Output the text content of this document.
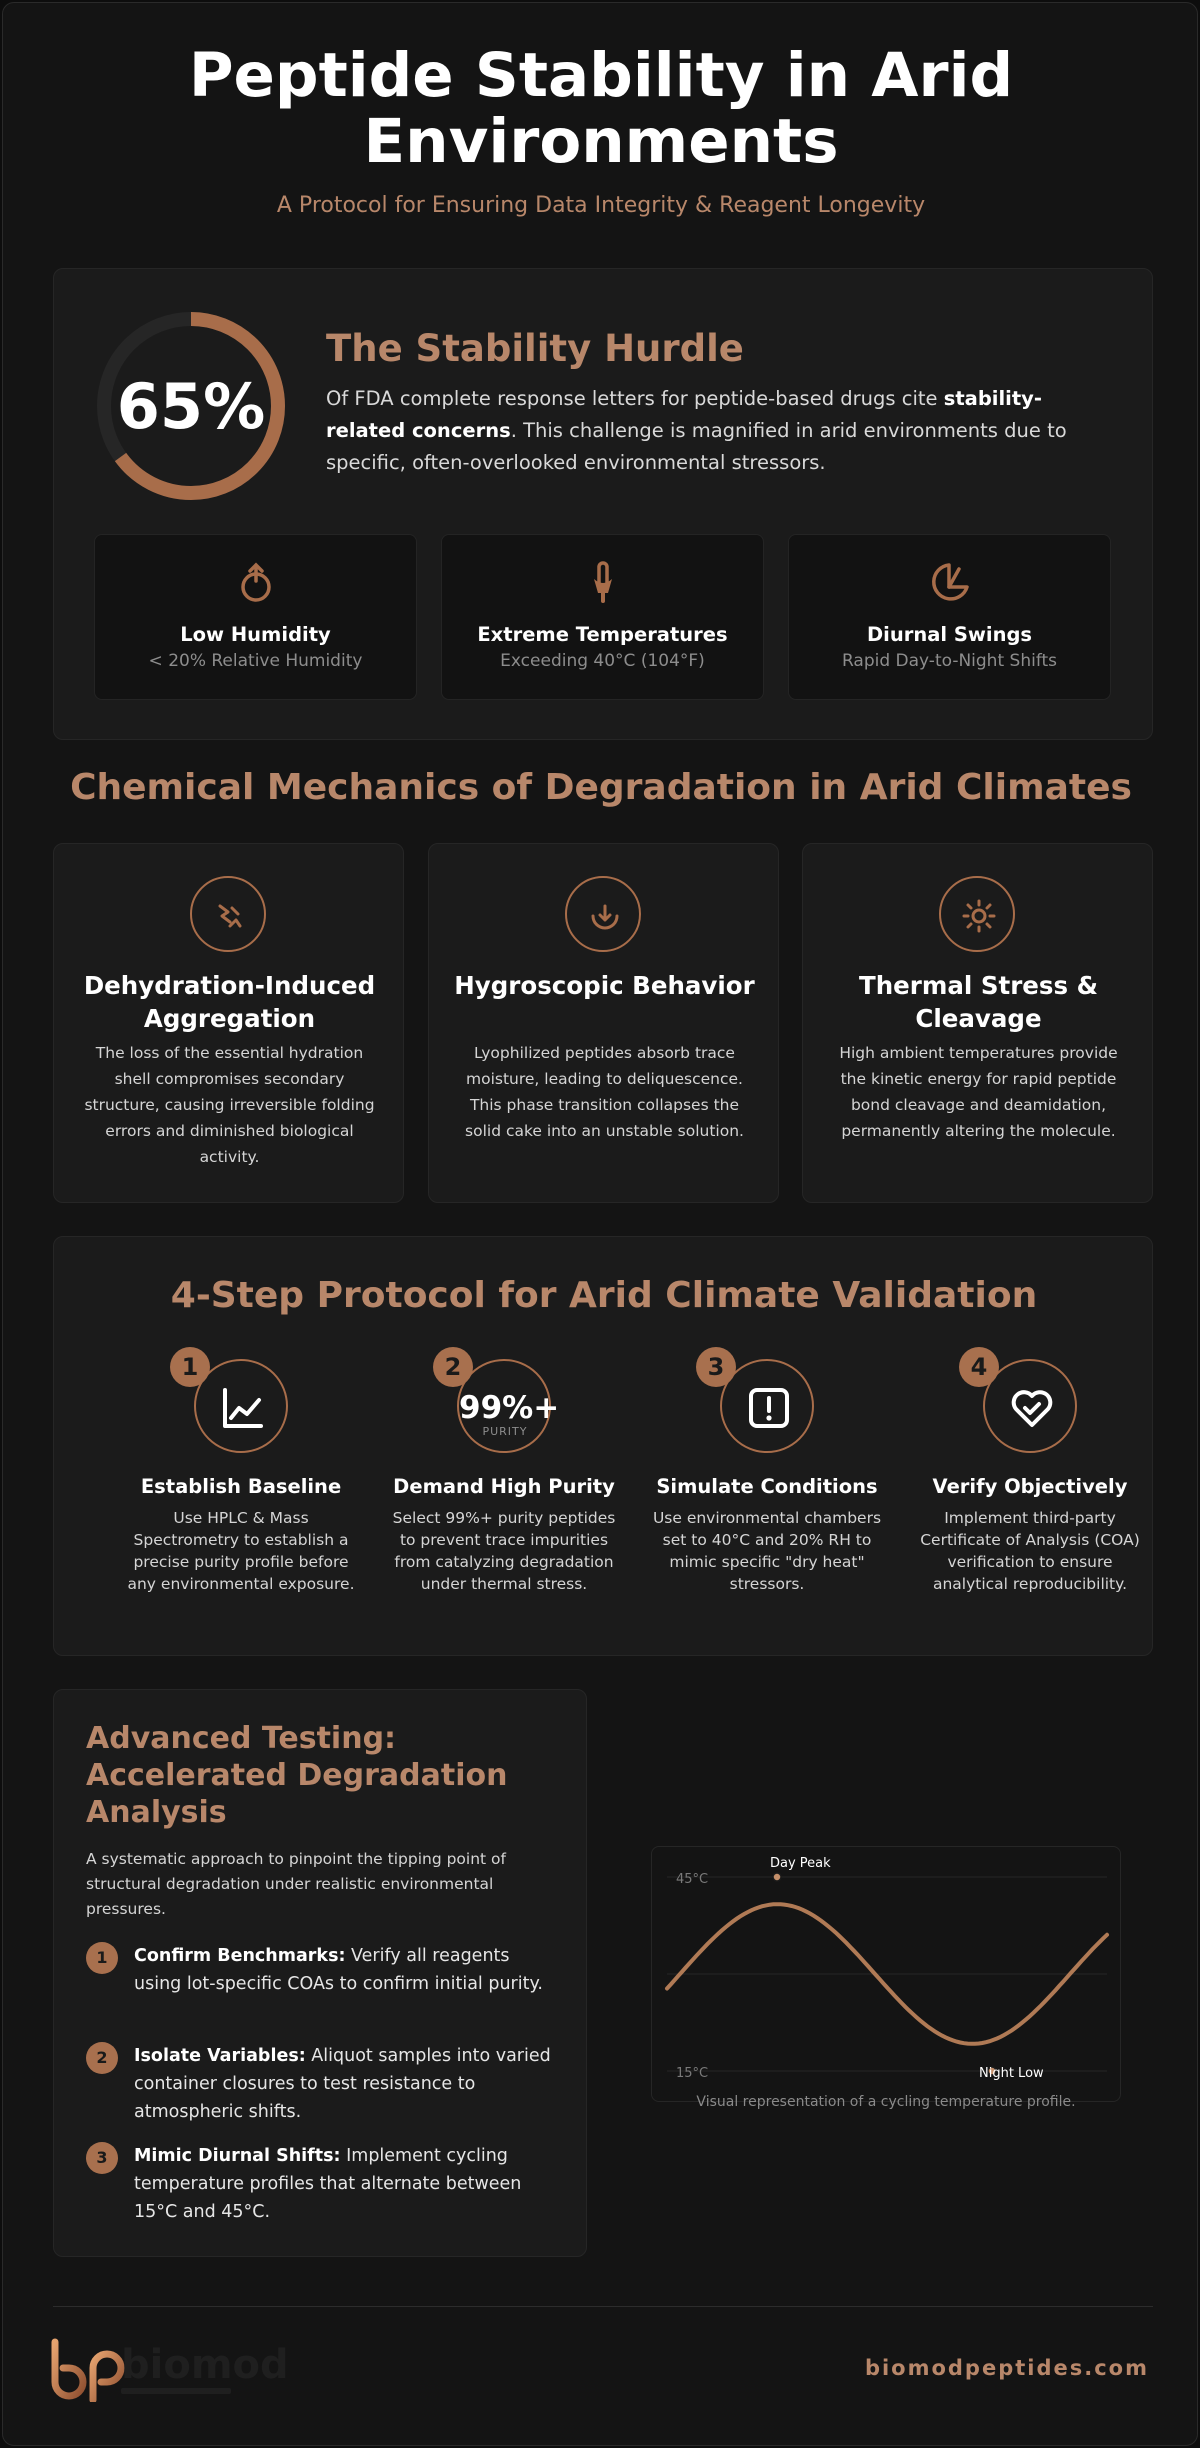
Peptide Stability in Arid Environments
A Protocol for Ensuring Data Integrity & Reagent Longevity
65%
The Stability Hurdle
Of FDA complete response letters for peptide-based drugs cite stability-related concerns. This challenge is magnified in arid environments due to specific, often-overlooked environmental stressors.
Low Humidity
< 20% Relative Humidity
Extreme Temperatures
Exceeding 40°C (104°F)
Diurnal Swings
Rapid Day-to-Night Shifts
Chemical Mechanics of Degradation in Arid Climates
Dehydration-Induced Aggregation
The loss of the essential hydration shell compromises secondary structure, causing irreversible folding errors and diminished biological activity.
Hygroscopic Behavior
Lyophilized peptides absorb trace moisture, leading to deliquescence. This phase transition collapses the solid cake into an unstable solution.
Thermal Stress & Cleavage
High ambient temperatures provide the kinetic energy for rapid peptide bond cleavage and deamidation, permanently altering the molecule.
4-Step Protocol for Arid Climate Validation
1
Establish Baseline
Use HPLC & Mass Spectrometry to establish a precise purity profile before any environmental exposure.
99%+
PURITY
2
Demand High Purity
Select 99%+ purity peptides to prevent trace impurities from catalyzing degradation under thermal stress.
3
Simulate Conditions
Use environmental chambers set to 40°C and 20% RH to mimic specific "dry heat" stressors.
4
Verify Objectively
Implement third-party Certificate of Analysis (COA) verification to ensure analytical reproducibility.
Advanced Testing: Accelerated Degradation Analysis
A systematic approach to pinpoint the tipping point of structural degradation under realistic environmental pressures.
1	Confirm Benchmarks: Verify all reagents using lot-specific COAs to confirm initial purity.
2	Isolate Variables: Aliquot samples into varied container closures to test resistance to atmospheric shifts.
3	Mimic Diurnal Shifts: Implement cycling temperature profiles that alternate between 15°C and 45°C.
45°C
15°C
Day Peak
Night Low
Visual representation of a cycling temperature profile.
biomod	biomodpeptides.com
